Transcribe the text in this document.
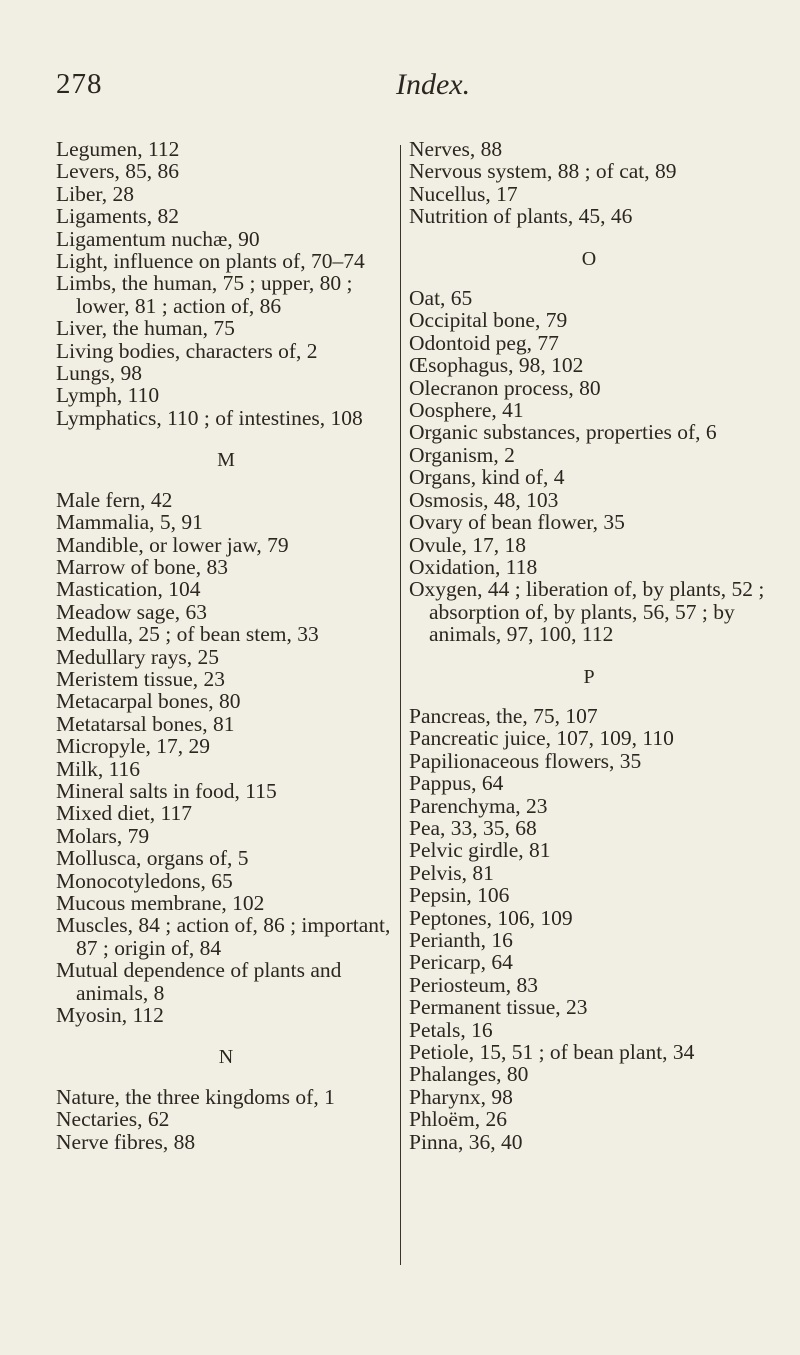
278	Index.
Legumen, 112
Levers, 85, 86
Liber, 28
Ligaments, 82
Ligamentum nuchæ, 90
Light, influence on plants of, 70–74
Limbs, the human, 75 ; upper, 80 ; lower, 81 ; action of, 86
Liver, the human, 75
Living bodies, characters of, 2
Lungs, 98
Lymph, 110
Lymphatics, 110 ; of intestines, 108
M
Male fern, 42
Mammalia, 5, 91
Mandible, or lower jaw, 79
Marrow of bone, 83
Mastication, 104
Meadow sage, 63
Medulla, 25 ; of bean stem, 33
Medullary rays, 25
Meristem tissue, 23
Metacarpal bones, 80
Metatarsal bones, 81
Micropyle, 17, 29
Milk, 116
Mineral salts in food, 115
Mixed diet, 117
Molars, 79
Mollusca, organs of, 5
Monocotyledons, 65
Mucous membrane, 102
Muscles, 84 ; action of, 86 ; important, 87 ; origin of, 84
Mutual dependence of plants and animals, 8
Myosin, 112
N
Nature, the three kingdoms of, 1
Nectaries, 62
Nerve fibres, 88
Nerves, 88
Nervous system, 88 ; of cat, 89
Nucellus, 17
Nutrition of plants, 45, 46
O
Oat, 65
Occipital bone, 79
Odontoid peg, 77
Œsophagus, 98, 102
Olecranon process, 80
Oosphere, 41
Organic substances, properties of, 6
Organism, 2
Organs, kind of, 4
Osmosis, 48, 103
Ovary of bean flower, 35
Ovule, 17, 18
Oxidation, 118
Oxygen, 44 ; liberation of, by plants, 52 ; absorption of, by plants, 56, 57 ; by animals, 97, 100, 112
P
Pancreas, the, 75, 107
Pancreatic juice, 107, 109, 110
Papilionaceous flowers, 35
Pappus, 64
Parenchyma, 23
Pea, 33, 35, 68
Pelvic girdle, 81
Pelvis, 81
Pepsin, 106
Peptones, 106, 109
Perianth, 16
Pericarp, 64
Periosteum, 83
Permanent tissue, 23
Petals, 16
Petiole, 15, 51 ; of bean plant, 34
Phalanges, 80
Pharynx, 98
Phloëm, 26
Pinna, 36, 40
